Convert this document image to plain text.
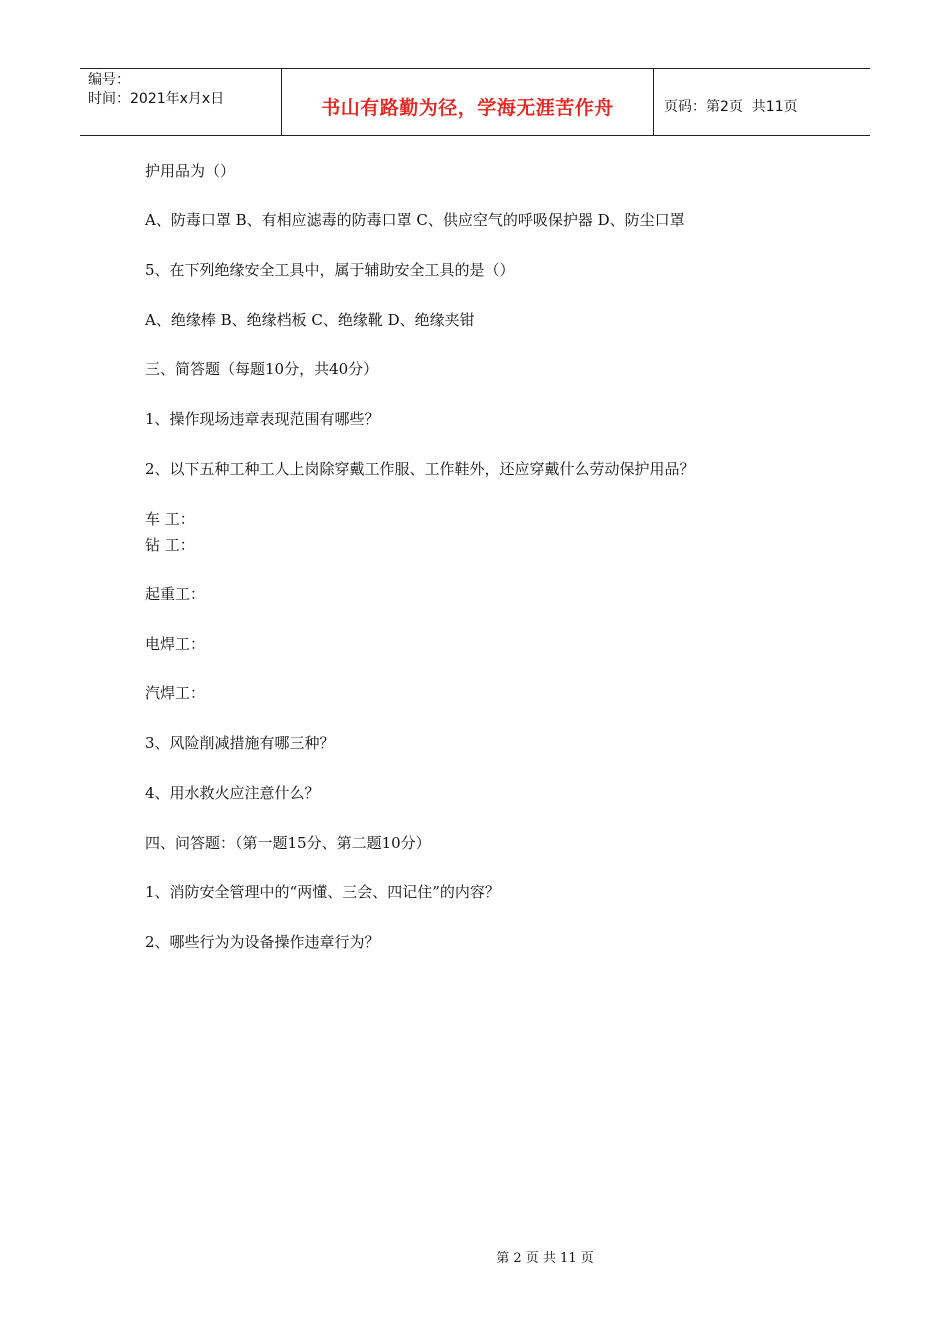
编号：
时间：2021年x月x日	书山有路勤为径，学海无涯苦作舟	页码：第2页  共11页
护用品为（）
A、防毒口罩 B、有相应滤毒的防毒口罩 C、供应空气的呼吸保护器 D、防尘口罩
5、在下列绝缘安全工具中，属于辅助安全工具的是（）
A、绝缘棒 B、绝缘档板 C、绝缘靴 D、绝缘夹钳
三、简答题（每题10分，共40分）
1、操作现场违章表现范围有哪些？
2、以下五种工种工人上岗除穿戴工作服、工作鞋外，还应穿戴什么劳动保护用品？
车 工：
钻 工：
起重工：
电焊工：
汽焊工：
3、风险削减措施有哪三种？
4、用水救火应注意什么？
四、问答题：（第一题15分、第二题10分）
1、消防安全管理中的“两懂、三会、四记住”的内容？
2、哪些行为为设备操作违章行为？
第 2 页 共 11 页
